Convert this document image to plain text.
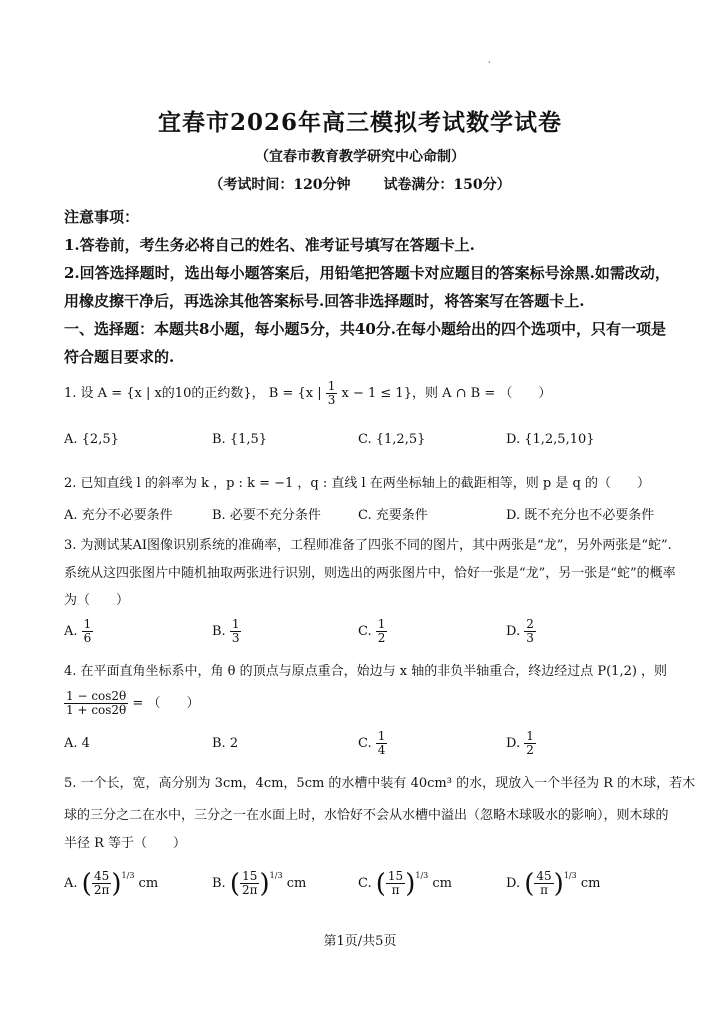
·
宜春市2026年高三模拟考试数学试卷
（宜春市教育教学研究中心命制）
（考试时间：120分钟 试卷满分：150分）
注意事项：
1.答卷前，考生务必将自己的姓名、准考证号填写在答题卡上.
2.回答选择题时，选出每小题答案后，用铅笔把答题卡对应题目的答案标号涂黑.如需改动，
用橡皮擦干净后，再选涂其他答案标号.回答非选择题时，将答案写在答题卡上.
一、选择题：本题共8小题，每小题5分，共40分.在每小题给出的四个选项中，只有一项是
符合题目要求的.
1. 设 A = {x | x的10的正约数}， B = {x | $\frac{1}{3}$ x − 1 ≤ 1}，则 A ∩ B = （　　）
A. {2,5}	B. {1,5}	C. {1,2,5}	D. {1,2,5,10}
2. 已知直线 l 的斜率为 k ，p : k = −1 ，q : 直线 l 在两坐标轴上的截距相等，则 p 是 q 的（　　）
A. 充分不必要条件	B. 必要不充分条件	C. 充要条件	D. 既不充分也不必要条件
3. 为测试某AI图像识别系统的准确率，工程师准备了四张不同的图片，其中两张是“龙”，另外两张是“蛇”.
系统从这四张图片中随机抽取两张进行识别，则选出的两张图片中，恰好一张是“龙”，另一张是“蛇”的概率
为（　　）
A. $\frac{1}{6}$	B. $\frac{1}{3}$	C. $\frac{1}{2}$	D. $\frac{2}{3}$
4. 在平面直角坐标系中，角 θ 的顶点与原点重合，始边与 x 轴的非负半轴重合，终边经过点 P(1,2) ，则
$\frac{1 - \cos 2\theta}{1 + \cos 2\theta}$ = （　　）
A. 4	B. 2	C. $\frac{1}{4}$	D. $\frac{1}{2}$
5. 一个长，宽，高分别为 3cm，4cm，5cm 的水槽中装有 40cm³ 的水，现放入一个半径为 R 的木球，若木
球的三分之二在水中，三分之一在水面上时，水恰好不会从水槽中溢出（忽略木球吸水的影响），则木球的
半径 R 等于（　　）
A. ( $\frac{45}{2\pi}$ ) 1/3
cm	B. ( $\frac{15}{2\pi}$ ) 1/3
cm	C. ( $\frac{15}{\pi}$ ) 1/3
cm	D. ( $\frac{45}{\pi}$ ) 1/3
cm
第1页/共5页
